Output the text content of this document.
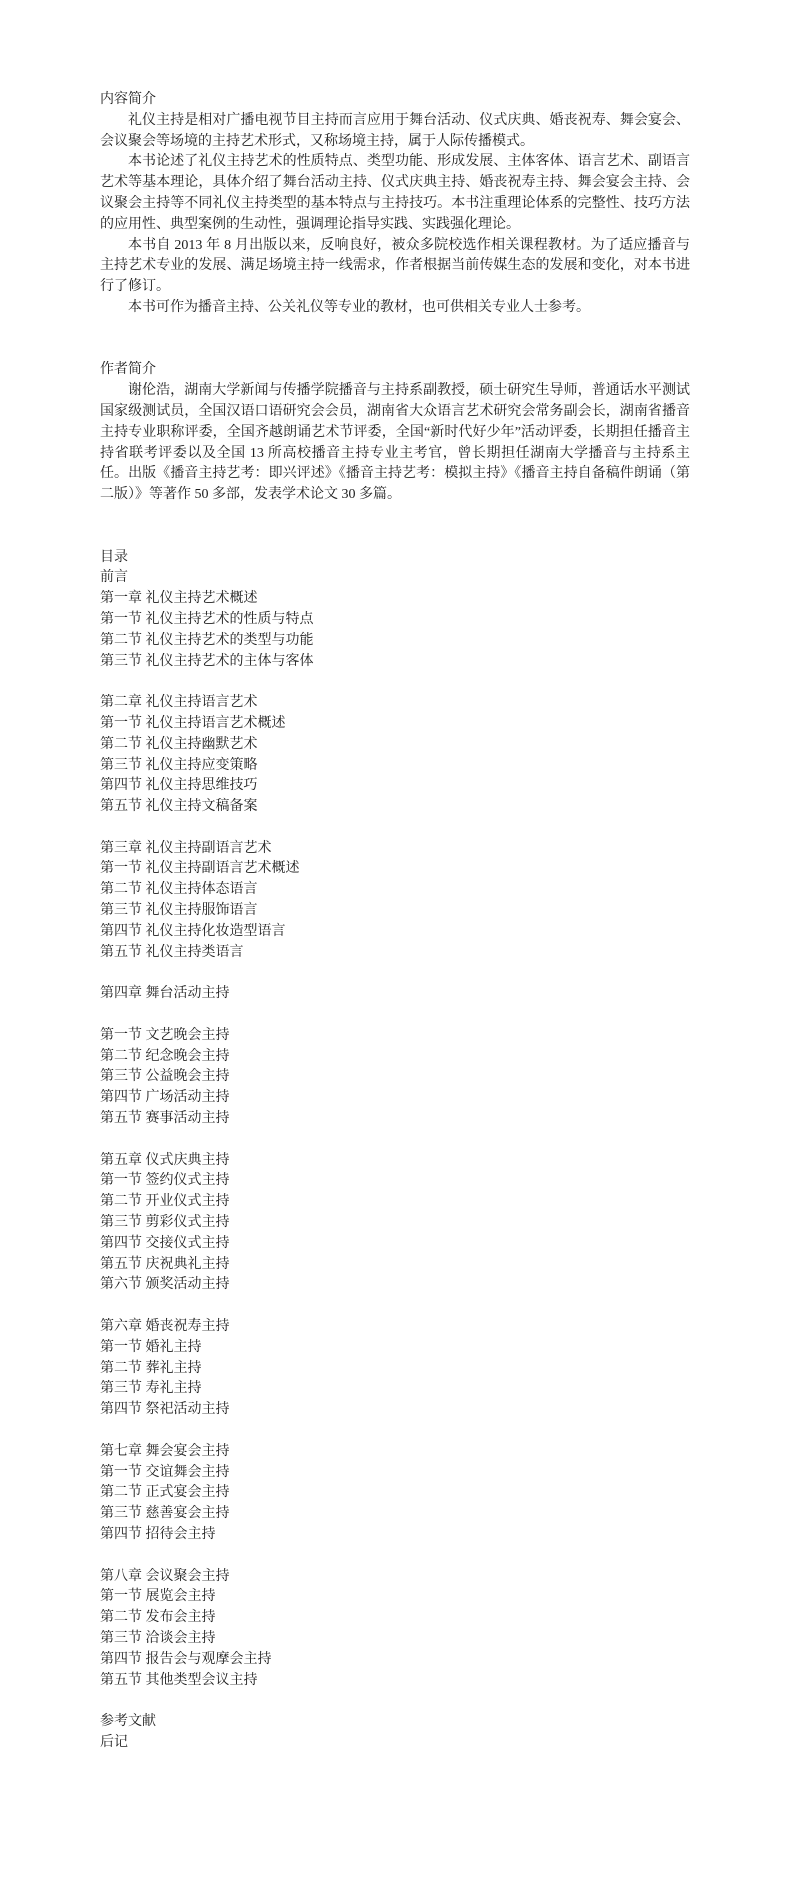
内容简介

礼仪主持是相对广播电视节目主持而言应用于舞台活动、仪式庆典、婚丧祝寿、舞会宴会、会议聚会等场境的主持艺术形式，又称场境主持，属于人际传播模式。

本书论述了礼仪主持艺术的性质特点、类型功能、形成发展、主体客体、语言艺术、副语言艺术等基本理论，具体介绍了舞台活动主持、仪式庆典主持、婚丧祝寿主持、舞会宴会主持、会议聚会主持等不同礼仪主持类型的基本特点与主持技巧。本书注重理论体系的完整性、技巧方法的应用性、典型案例的生动性，强调理论指导实践、实践强化理论。

本书自 2013 年 8 月出版以来，反响良好，被众多院校选作相关课程教材。为了适应播音与主持艺术专业的发展、满足场境主持一线需求，作者根据当前传媒生态的发展和变化，对本书进行了修订。

本书可作为播音主持、公关礼仪等专业的教材，也可供相关专业人士参考。

作者简介

谢伦浩，湖南大学新闻与传播学院播音与主持系副教授，硕士研究生导师，普通话水平测试国家级测试员，全国汉语口语研究会会员，湖南省大众语言艺术研究会常务副会长，湖南省播音主持专业职称评委，全国齐越朗诵艺术节评委，全国“新时代好少年”活动评委，长期担任播音主持省联考评委以及全国 13 所高校播音主持专业主考官，曾长期担任湖南大学播音与主持系主任。出版《播音主持艺考：即兴评述》《播音主持艺考：模拟主持》《播音主持自备稿件朗诵（第二版）》等著作 50 多部，发表学术论文 30 多篇。

目录

前言

第一章 礼仪主持艺术概述

第一节 礼仪主持艺术的性质与特点

第二节 礼仪主持艺术的类型与功能

第三节 礼仪主持艺术的主体与客体

第二章 礼仪主持语言艺术

第一节 礼仪主持语言艺术概述

第二节 礼仪主持幽默艺术

第三节 礼仪主持应变策略

第四节 礼仪主持思维技巧

第五节 礼仪主持文稿备案

第三章 礼仪主持副语言艺术

第一节 礼仪主持副语言艺术概述

第二节 礼仪主持体态语言

第三节 礼仪主持服饰语言

第四节 礼仪主持化妆造型语言

第五节 礼仪主持类语言

第四章 舞台活动主持

第一节 文艺晚会主持

第二节 纪念晚会主持

第三节 公益晚会主持

第四节 广场活动主持

第五节 赛事活动主持

第五章 仪式庆典主持

第一节 签约仪式主持

第二节 开业仪式主持

第三节 剪彩仪式主持

第四节 交接仪式主持

第五节 庆祝典礼主持

第六节 颁奖活动主持

第六章 婚丧祝寿主持

第一节 婚礼主持

第二节 葬礼主持

第三节 寿礼主持

第四节 祭祀活动主持

第七章 舞会宴会主持

第一节 交谊舞会主持

第二节 正式宴会主持

第三节 慈善宴会主持

第四节 招待会主持

第八章 会议聚会主持

第一节 展览会主持

第二节 发布会主持

第三节 洽谈会主持

第四节 报告会与观摩会主持

第五节 其他类型会议主持

参考文献

后记
